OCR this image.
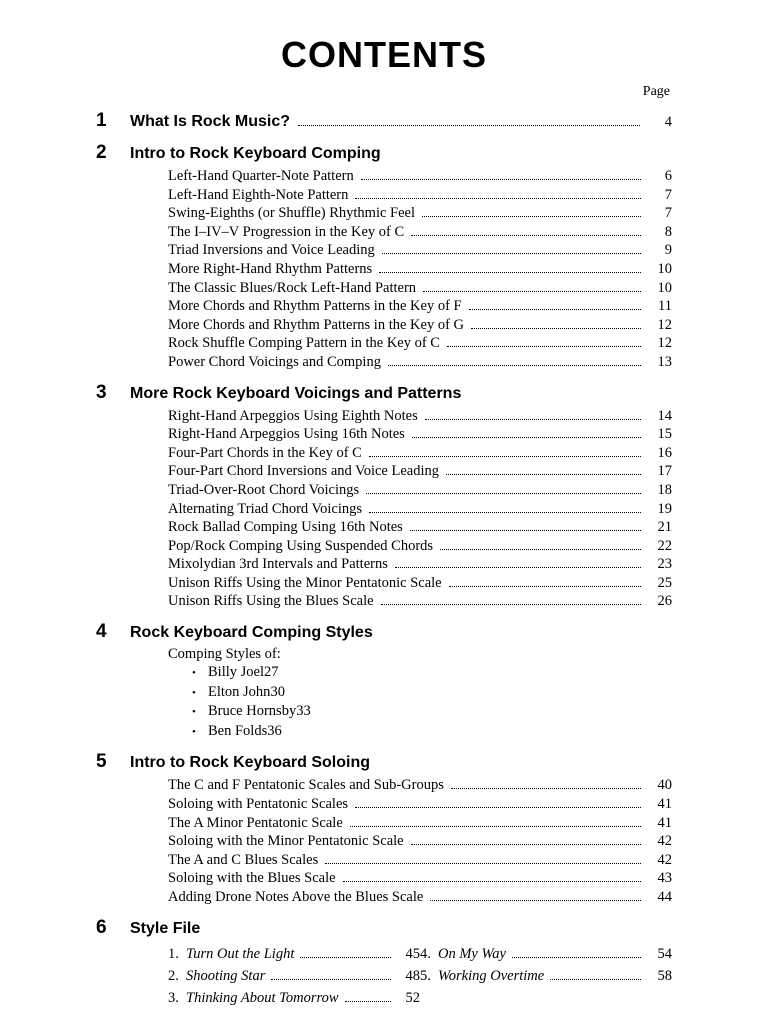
CONTENTS
Page
1	What Is Rock Music?	4
2	Intro to Rock Keyboard Comping
Left-Hand Quarter-Note Pattern	6
Left-Hand Eighth-Note Pattern	7
Swing-Eighths (or Shuffle) Rhythmic Feel	7
The I–IV–V Progression in the Key of C	8
Triad Inversions and Voice Leading	9
More Right-Hand Rhythm Patterns	10
The Classic Blues/Rock Left-Hand Pattern	10
More Chords and Rhythm Patterns in the Key of F	11
More Chords and Rhythm Patterns in the Key of G	12
Rock Shuffle Comping Pattern in the Key of C	12
Power Chord Voicings and Comping	13
3	More Rock Keyboard Voicings and Patterns
Right-Hand Arpeggios Using Eighth Notes	14
Right-Hand Arpeggios Using 16th Notes	15
Four-Part Chords in the Key of C	16
Four-Part Chord Inversions and Voice Leading	17
Triad-Over-Root Chord Voicings	18
Alternating Triad Chord Voicings	19
Rock Ballad Comping Using 16th Notes	21
Pop/Rock Comping Using Suspended Chords	22
Mixolydian 3rd Intervals and Patterns	23
Unison Riffs Using the Minor Pentatonic Scale	25
Unison Riffs Using the Blues Scale	26
4	Rock Keyboard Comping Styles
Comping Styles of:
• Billy Joel 27
• Elton John 30
• Bruce Hornsby 33
• Ben Folds 36
5	Intro to Rock Keyboard Soloing
The C and F Pentatonic Scales and Sub-Groups	40
Soloing with Pentatonic Scales	41
The A Minor Pentatonic Scale	41
Soloing with the Minor Pentatonic Scale	42
The A and C Blues Scales	42
Soloing with the Blues Scale	43
Adding Drone Notes Above the Blues Scale	44
6	Style File
1. Turn Out the Light	45
2. Shooting Star	48
3. Thinking About Tomorrow	52
4. On My Way	54
5. Working Overtime	58
